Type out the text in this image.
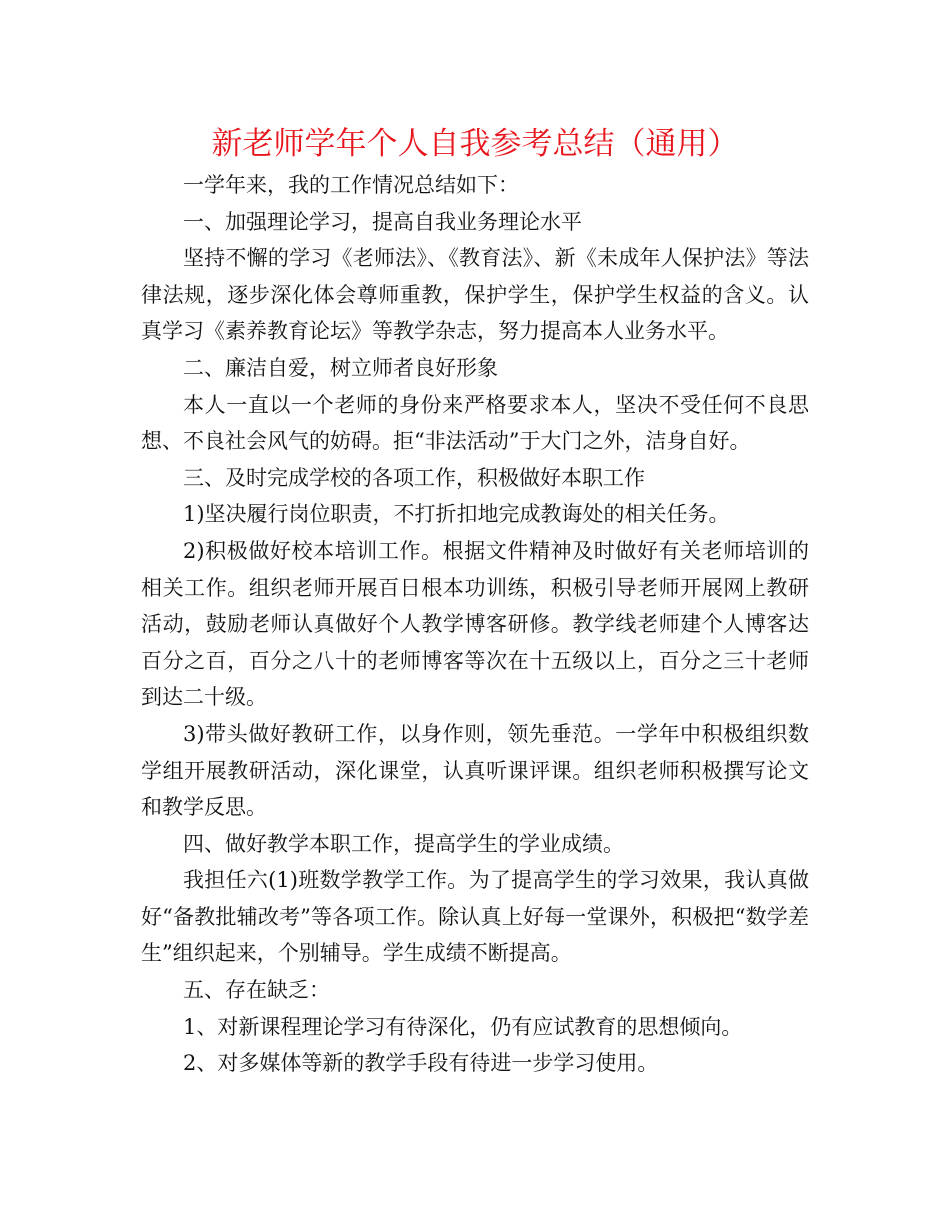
新老师学年个人自我参考总结（通用）

一学年来，我的工作情况总结如下：

一、加强理论学习，提高自我业务理论水平

坚持不懈的学习《老师法》、《教育法》、新《未成年人保护法》等法律法规，逐步深化体会尊师重教，保护学生，保护学生权益的含义。认真学习《素养教育论坛》等教学杂志，努力提高本人业务水平。

二、廉洁自爱，树立师者良好形象

本人一直以一个老师的身份来严格要求本人，坚决不受任何不良思想、不良社会风气的妨碍。拒“非法活动”于大门之外，洁身自好。

三、及时完成学校的各项工作，积极做好本职工作

1)坚决履行岗位职责，不打折扣地完成教诲处的相关任务。

2)积极做好校本培训工作。根据文件精神及时做好有关老师培训的相关工作。组织老师开展百日根本功训练，积极引导老师开展网上教研活动，鼓励老师认真做好个人教学博客研修。教学线老师建个人博客达百分之百，百分之八十的老师博客等次在十五级以上，百分之三十老师到达二十级。

3)带头做好教研工作，以身作则，领先垂范。一学年中积极组织数学组开展教研活动，深化课堂，认真听课评课。组织老师积极撰写论文和教学反思。

四、做好教学本职工作，提高学生的学业成绩。

我担任六(1)班数学教学工作。为了提高学生的学习效果，我认真做好“备教批辅改考”等各项工作。除认真上好每一堂课外，积极把“数学差生”组织起来，个别辅导。学生成绩不断提高。

五、存在缺乏：

1、对新课程理论学习有待深化，仍有应试教育的思想倾向。

2、对多媒体等新的教学手段有待进一步学习使用。
